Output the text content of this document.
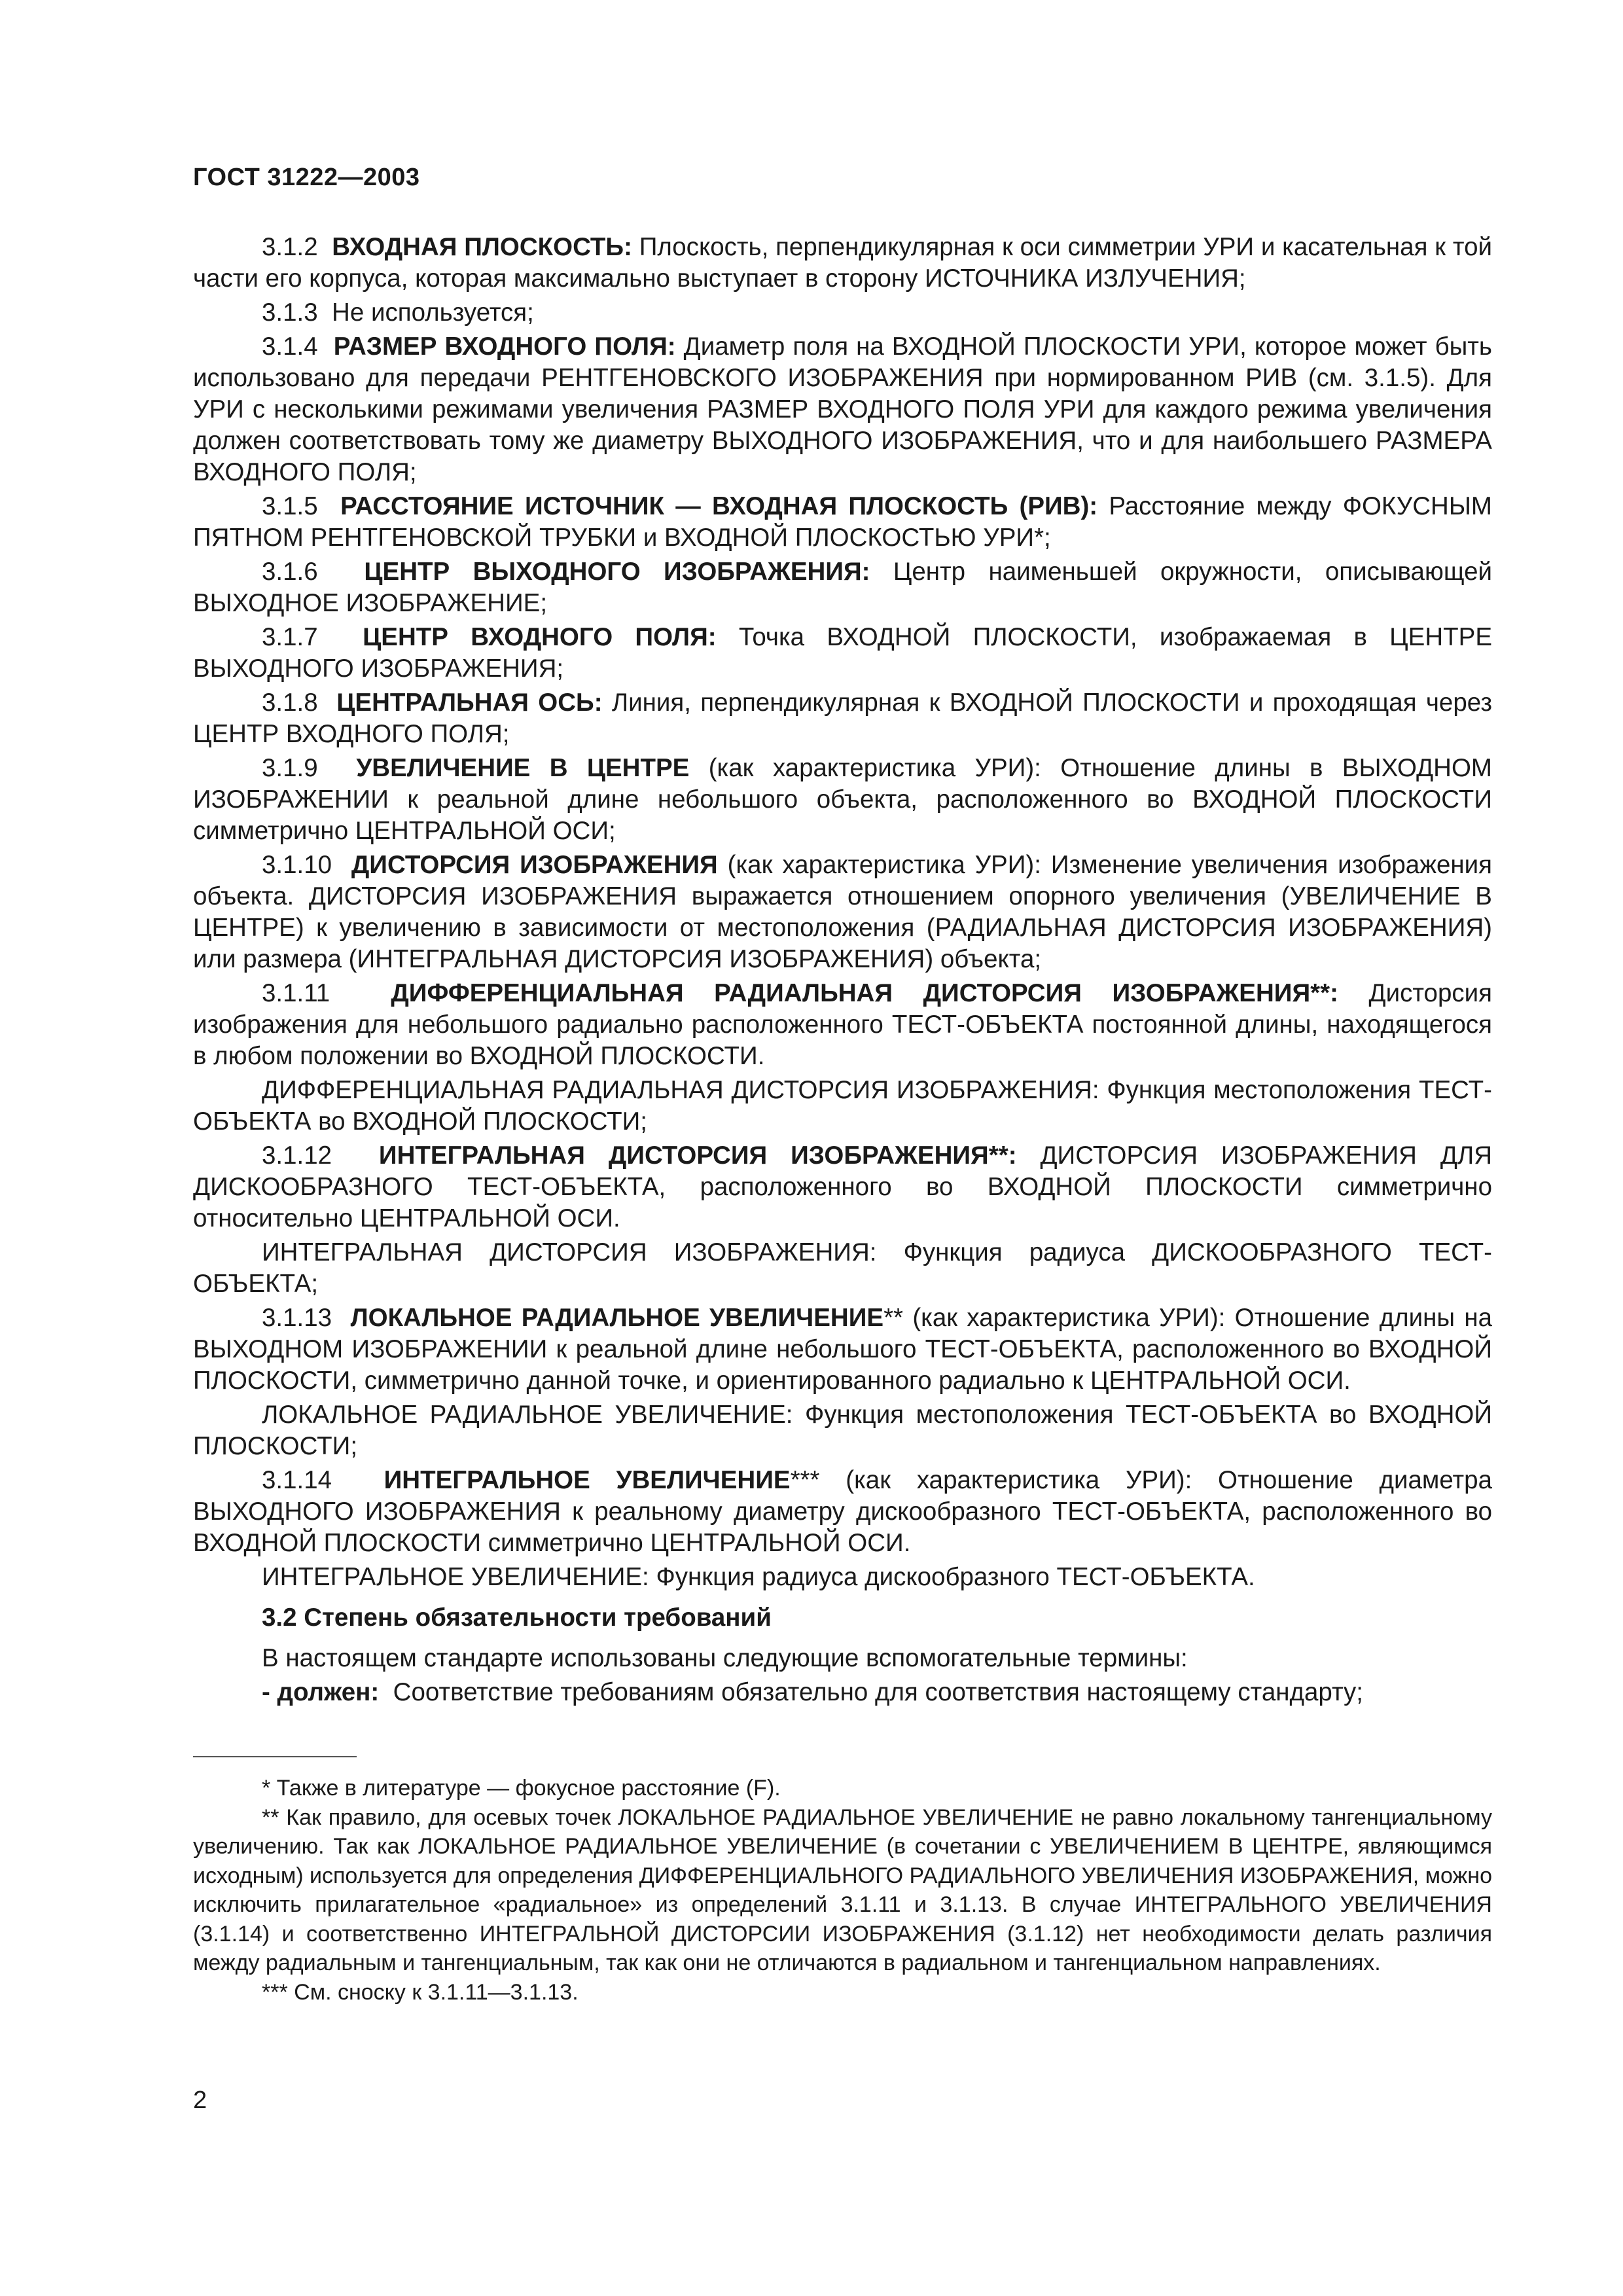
ГОСТ 31222—2003

3.1.2 ВХОДНАЯ ПЛОСКОСТЬ: Плоскость, перпендикулярная к оси симметрии УРИ и касательная к той части его корпуса, которая максимально выступает в сторону ИСТОЧНИКА ИЗЛУЧЕНИЯ;

3.1.3 Не используется;

3.1.4 РАЗМЕР ВХОДНОГО ПОЛЯ: Диаметр поля на ВХОДНОЙ ПЛОСКОСТИ УРИ, которое может быть использовано для передачи РЕНТГЕНОВСКОГО ИЗОБРАЖЕНИЯ при нормированном РИВ (см. 3.1.5). Для УРИ с несколькими режимами увеличения РАЗМЕР ВХОДНОГО ПОЛЯ УРИ для каждого режима увеличения должен соответствовать тому же диаметру ВЫХОДНОГО ИЗОБРАЖЕНИЯ, что и для наибольшего РАЗМЕРА ВХОДНОГО ПОЛЯ;

3.1.5 РАССТОЯНИЕ ИСТОЧНИК — ВХОДНАЯ ПЛОСКОСТЬ (РИВ): Расстояние между ФОКУСНЫМ ПЯТНОМ РЕНТГЕНОВСКОЙ ТРУБКИ и ВХОДНОЙ ПЛОСКОСТЬЮ УРИ*;

3.1.6 ЦЕНТР ВЫХОДНОГО ИЗОБРАЖЕНИЯ: Центр наименьшей окружности, описывающей ВЫХОДНОЕ ИЗОБРАЖЕНИЕ;

3.1.7 ЦЕНТР ВХОДНОГО ПОЛЯ: Точка ВХОДНОЙ ПЛОСКОСТИ, изображаемая в ЦЕНТРЕ ВЫХОДНОГО ИЗОБРАЖЕНИЯ;

3.1.8 ЦЕНТРАЛЬНАЯ ОСЬ: Линия, перпендикулярная к ВХОДНОЙ ПЛОСКОСТИ и проходящая через ЦЕНТР ВХОДНОГО ПОЛЯ;

3.1.9 УВЕЛИЧЕНИЕ В ЦЕНТРЕ (как характеристика УРИ): Отношение длины в ВЫХОДНОМ ИЗОБРАЖЕНИИ к реальной длине небольшого объекта, расположенного во ВХОДНОЙ ПЛОСКОСТИ симметрично ЦЕНТРАЛЬНОЙ ОСИ;

3.1.10 ДИСТОРСИЯ ИЗОБРАЖЕНИЯ (как характеристика УРИ): Изменение увеличения изображения объекта. ДИСТОРСИЯ ИЗОБРАЖЕНИЯ выражается отношением опорного увеличения (УВЕЛИЧЕНИЕ В ЦЕНТРЕ) к увеличению в зависимости от местоположения (РАДИАЛЬНАЯ ДИСТОРСИЯ ИЗОБРАЖЕНИЯ) или размера (ИНТЕГРАЛЬНАЯ ДИСТОРСИЯ ИЗОБРАЖЕНИЯ) объекта;

3.1.11 ДИФФЕРЕНЦИАЛЬНАЯ РАДИАЛЬНАЯ ДИСТОРСИЯ ИЗОБРАЖЕНИЯ**: Дисторсия изображения для небольшого радиально расположенного ТЕСТ-ОБЪЕКТА постоянной длины, находящегося в любом положении во ВХОДНОЙ ПЛОСКОСТИ.

ДИФФЕРЕНЦИАЛЬНАЯ РАДИАЛЬНАЯ ДИСТОРСИЯ ИЗОБРАЖЕНИЯ: Функция местоположения ТЕСТ-ОБЪЕКТА во ВХОДНОЙ ПЛОСКОСТИ;

3.1.12 ИНТЕГРАЛЬНАЯ ДИСТОРСИЯ ИЗОБРАЖЕНИЯ**: ДИСТОРСИЯ ИЗОБРАЖЕНИЯ ДЛЯ ДИСКООБРАЗНОГО ТЕСТ-ОБЪЕКТА, расположенного во ВХОДНОЙ ПЛОСКОСТИ симметрично относительно ЦЕНТРАЛЬНОЙ ОСИ.

ИНТЕГРАЛЬНАЯ ДИСТОРСИЯ ИЗОБРАЖЕНИЯ: Функция радиуса ДИСКООБРАЗНОГО ТЕСТ-ОБЪЕКТА;

3.1.13 ЛОКАЛЬНОЕ РАДИАЛЬНОЕ УВЕЛИЧЕНИЕ** (как характеристика УРИ): Отношение длины на ВЫХОДНОМ ИЗОБРАЖЕНИИ к реальной длине небольшого ТЕСТ-ОБЪЕКТА, расположенного во ВХОДНОЙ ПЛОСКОСТИ, симметрично данной точке, и ориентированного радиально к ЦЕНТРАЛЬНОЙ ОСИ.

ЛОКАЛЬНОЕ РАДИАЛЬНОЕ УВЕЛИЧЕНИЕ: Функция местоположения ТЕСТ-ОБЪЕКТА во ВХОДНОЙ ПЛОСКОСТИ;

3.1.14 ИНТЕГРАЛЬНОЕ УВЕЛИЧЕНИЕ*** (как характеристика УРИ): Отношение диаметра ВЫХОДНОГО ИЗОБРАЖЕНИЯ к реальному диаметру дискообразного ТЕСТ-ОБЪЕКТА, расположенного во ВХОДНОЙ ПЛОСКОСТИ симметрично ЦЕНТРАЛЬНОЙ ОСИ.

ИНТЕГРАЛЬНОЕ УВЕЛИЧЕНИЕ: Функция радиуса дискообразного ТЕСТ-ОБЪЕКТА.

3.2 Степень обязательности требований

В настоящем стандарте использованы следующие вспомогательные термины:

- должен: Соответствие требованиям обязательно для соответствия настоящему стандарту;

* Также в литературе — фокусное расстояние (F).

** Как правило, для осевых точек ЛОКАЛЬНОЕ РАДИАЛЬНОЕ УВЕЛИЧЕНИЕ не равно локальному тангенциальному увеличению. Так как ЛОКАЛЬНОЕ РАДИАЛЬНОЕ УВЕЛИЧЕНИЕ (в сочетании с УВЕЛИЧЕНИЕМ В ЦЕНТРЕ, являющимся исходным) используется для определения ДИФФЕРЕНЦИАЛЬНОГО РАДИАЛЬНОГО УВЕЛИЧЕНИЯ ИЗОБРАЖЕНИЯ, можно исключить прилагательное «радиальное» из определений 3.1.11 и 3.1.13. В случае ИНТЕГРАЛЬНОГО УВЕЛИЧЕНИЯ (3.1.14) и соответственно ИНТЕГРАЛЬНОЙ ДИСТОРСИИ ИЗОБРАЖЕНИЯ (3.1.12) нет необходимости делать различия между радиальным и тангенциальным, так как они не отличаются в радиальном и тангенциальном направлениях.

*** См. сноску к 3.1.11—3.1.13.

2
